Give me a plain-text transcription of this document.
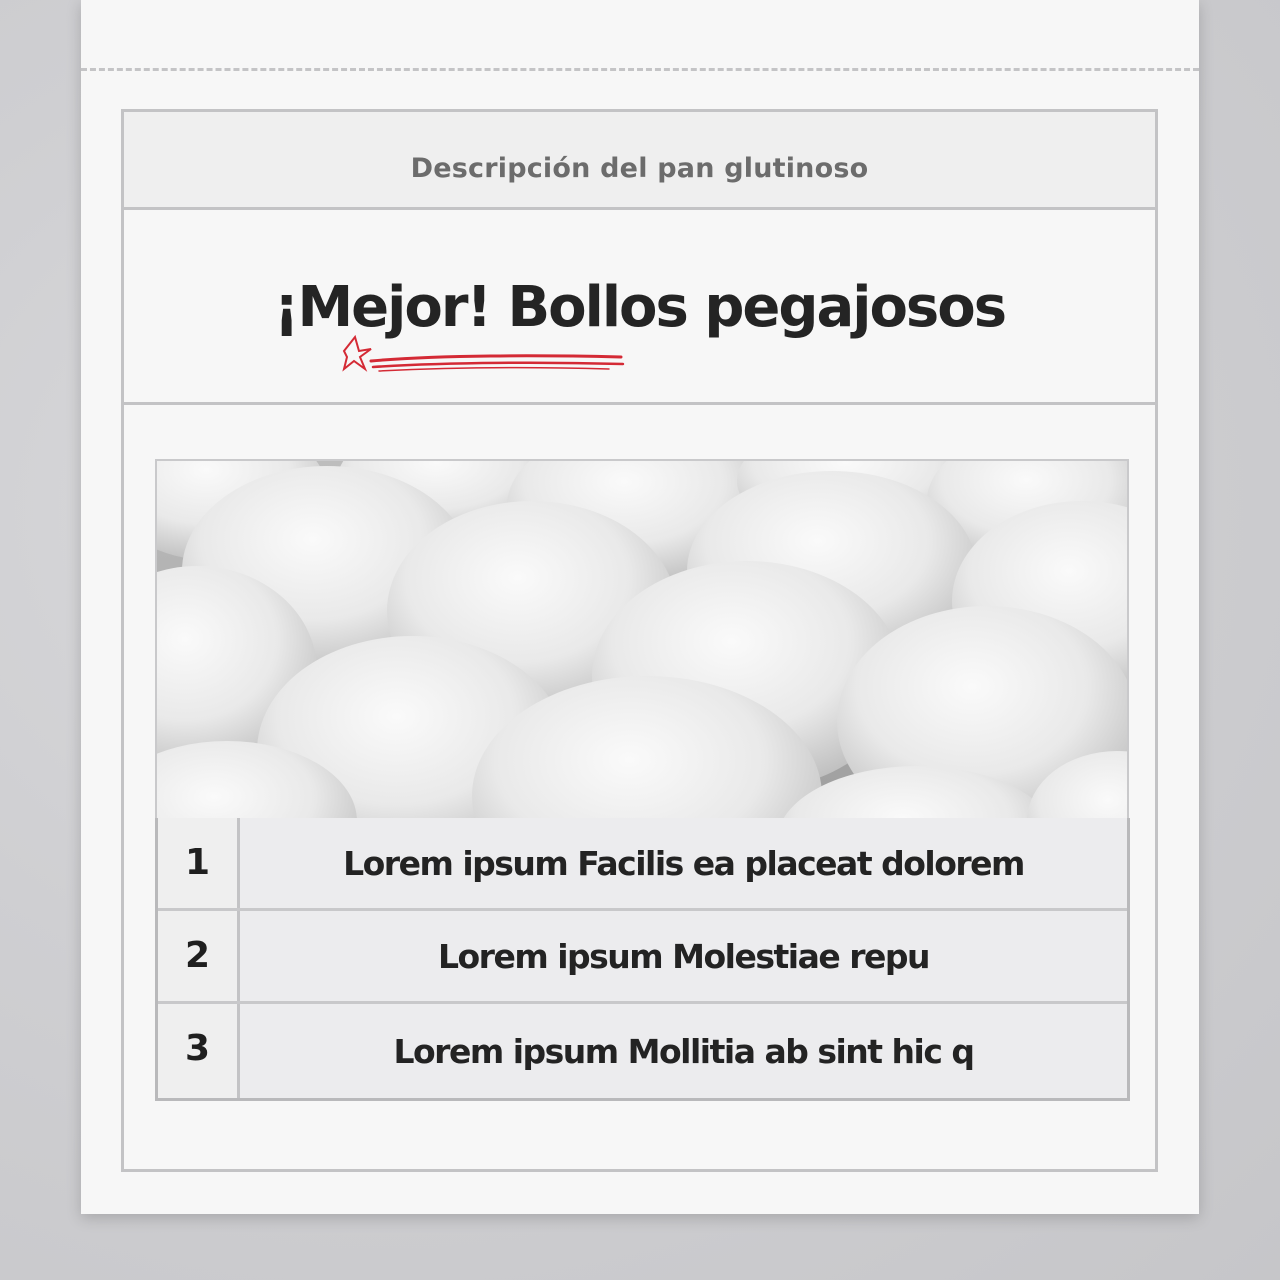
Descripción del pan glutinoso
¡Mejor! Bollos pegajosos
1	Lorem ipsum Facilis ea placeat dolorem
2	Lorem ipsum Molestiae repu
3	Lorem ipsum Mollitia ab sint hic q
